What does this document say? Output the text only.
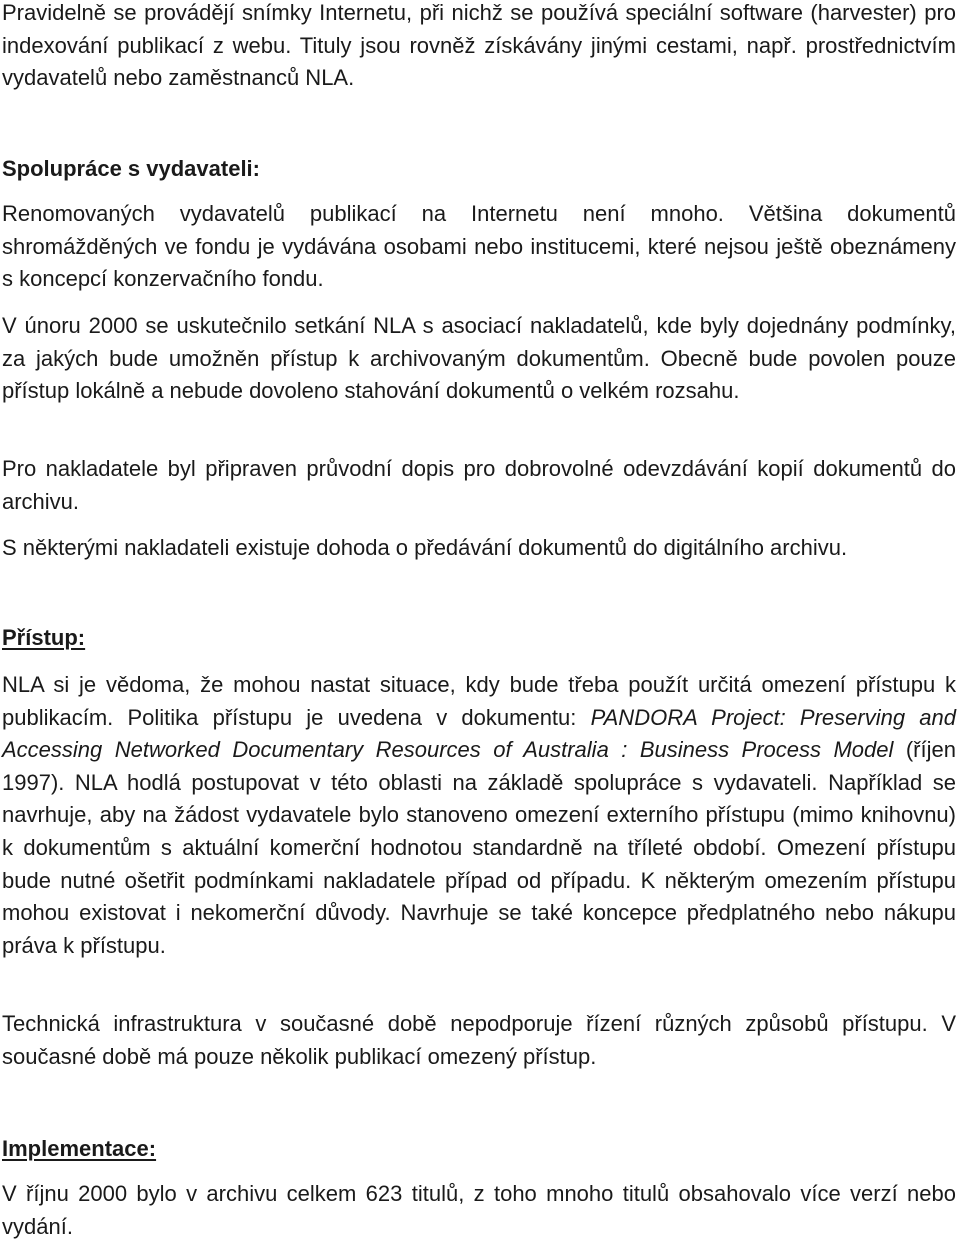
Pravidelně se provádějí snímky Internetu, při nichž se používá speciální software (harvester) pro indexování publikací z webu. Tituly jsou rovněž získávány jinými cestami, např. prostřednictvím vydavatelů nebo zaměstnanců NLA.

Spolupráce s vydavateli:

Renomovaných vydavatelů publikací na Internetu není mnoho. Většina dokumentů shromážděných ve fondu je vydávána osobami nebo institucemi, které nejsou ještě obeznámeny s koncepcí konzervačního fondu.

V únoru 2000 se uskutečnilo setkání NLA s asociací nakladatelů, kde byly dojednány podmínky, za jakých bude umožněn přístup k archivovaným dokumentům. Obecně bude povolen pouze přístup lokálně a nebude dovoleno stahování dokumentů o velkém rozsahu.

Pro nakladatele byl připraven průvodní dopis pro dobrovolné odevzdávání kopií dokumentů do archivu.

S některými nakladateli existuje dohoda o předávání dokumentů do digitálního archivu.

Přístup:

NLA si je vědoma, že mohou nastat situace, kdy bude třeba použít určitá omezení přístupu k publikacím. Politika přístupu je uvedena v dokumentu: PANDORA Project: Preserving and Accessing Networked Documentary Resources of Australia : Business Process Model (říjen 1997). NLA hodlá postupovat v této oblasti na základě spolupráce s vydavateli. Například se navrhuje, aby na žádost vydavatele bylo stanoveno omezení externího přístupu (mimo knihovnu) k dokumentům s aktuální komerční hodnotou standardně na tříleté období. Omezení přístupu bude nutné ošetřit podmínkami nakladatele případ od případu. K některým omezením přístupu mohou existovat i nekomerční důvody. Navrhuje se také koncepce předplatného nebo nákupu práva k přístupu.

Technická infrastruktura v současné době nepodporuje řízení různých způsobů přístupu. V současné době má pouze několik publikací omezený přístup.

Implementace:

V říjnu 2000 bylo v archivu celkem 623 titulů, z toho mnoho titulů obsahovalo více verzí nebo vydání.
